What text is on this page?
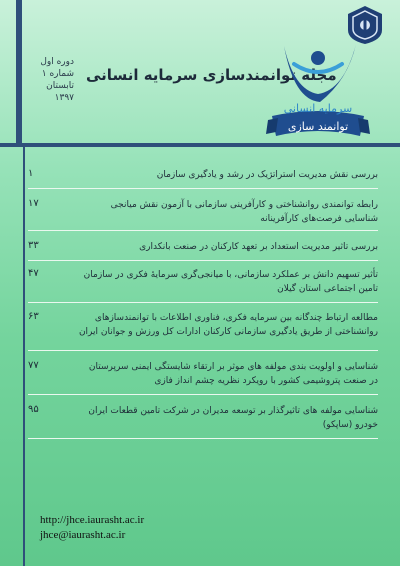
دوره اول
شماره ۱
تابستان ۱۳۹۷
مجله توانمندسازی سرمایه انسانی
سرمایه انسانی
توانمند سازی
بررسی نقش مدیریت استراتژیک در رشد و یادگیری سازمان
۱
رابطه توانمندی روانشناختی و کارآفرینی سازمانی با آزمون نقش میانجی شناسایی فرصت‌های کارآفرینانه
۱۷
بررسی تاثیر مدیریت استعداد بر تعهد کارکنان در صنعت بانکداری
۳۳
تأثیر تسهیم دانش بر عملکرد سازمانی، با میانجی‌گری سرمایهٔ فکری در سازمان تامین اجتماعی استان گیلان
۴۷
مطالعه ارتباط چندگانه بین سرمایه فکری، فناوری اطلاعات با توانمندسازهای روانشناختی از طریق یادگیری سازمانی کارکنان ادارات کل ورزش و جوانان ایران
۶۳
شناسایی و اولویت بندی مولفه های موثر بر ارتقاء شایستگی ایمنی سرپرستان در صنعت پتروشیمی کشور با رویکرد نظریه چشم انداز فازی
۷۷
شناسایی مولفه های تاثیرگذار بر توسعه مدیران در شرکت تامین قطعات ایران خودرو (ساپکو)
۹۵
http://jhce.iaurasht.ac.ir
jhce@iaurasht.ac.ir
